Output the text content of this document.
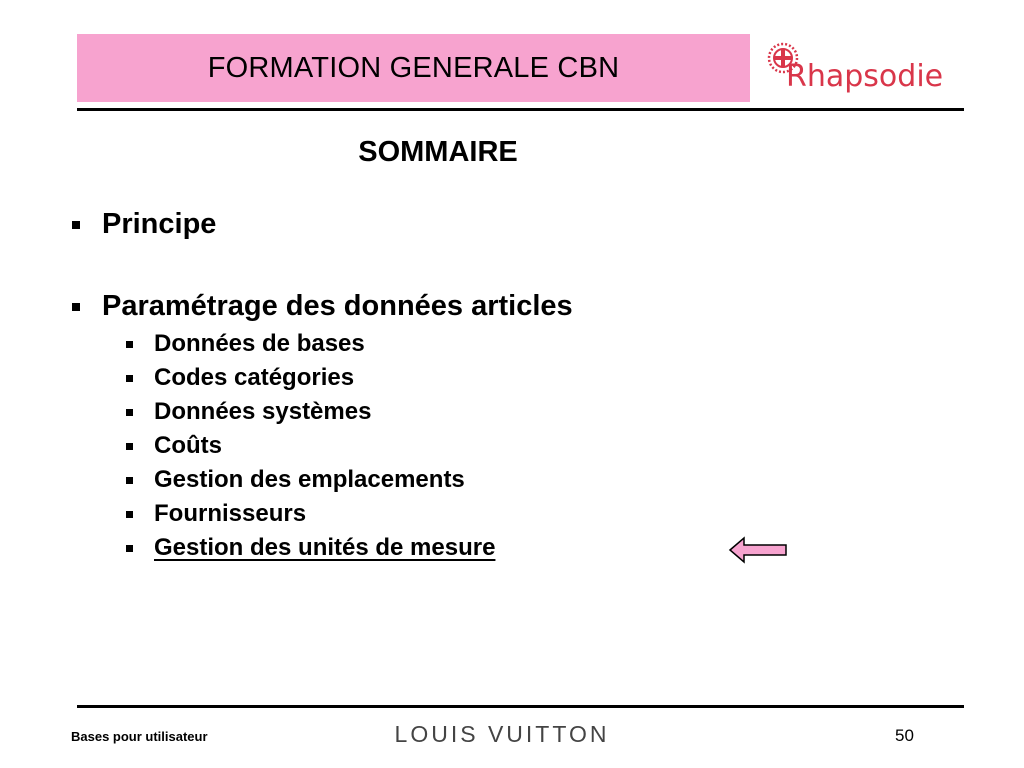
FORMATION GENERALE CBN	Rhapsodie
SOMMAIRE
Principe
Paramétrage des données articles
Données de bases
Codes catégories
Données systèmes
Coûts
Gestion des emplacements
Fournisseurs
Gestion des unités de mesure
Bases pour utilisateur	LOUIS VUITTON	50
